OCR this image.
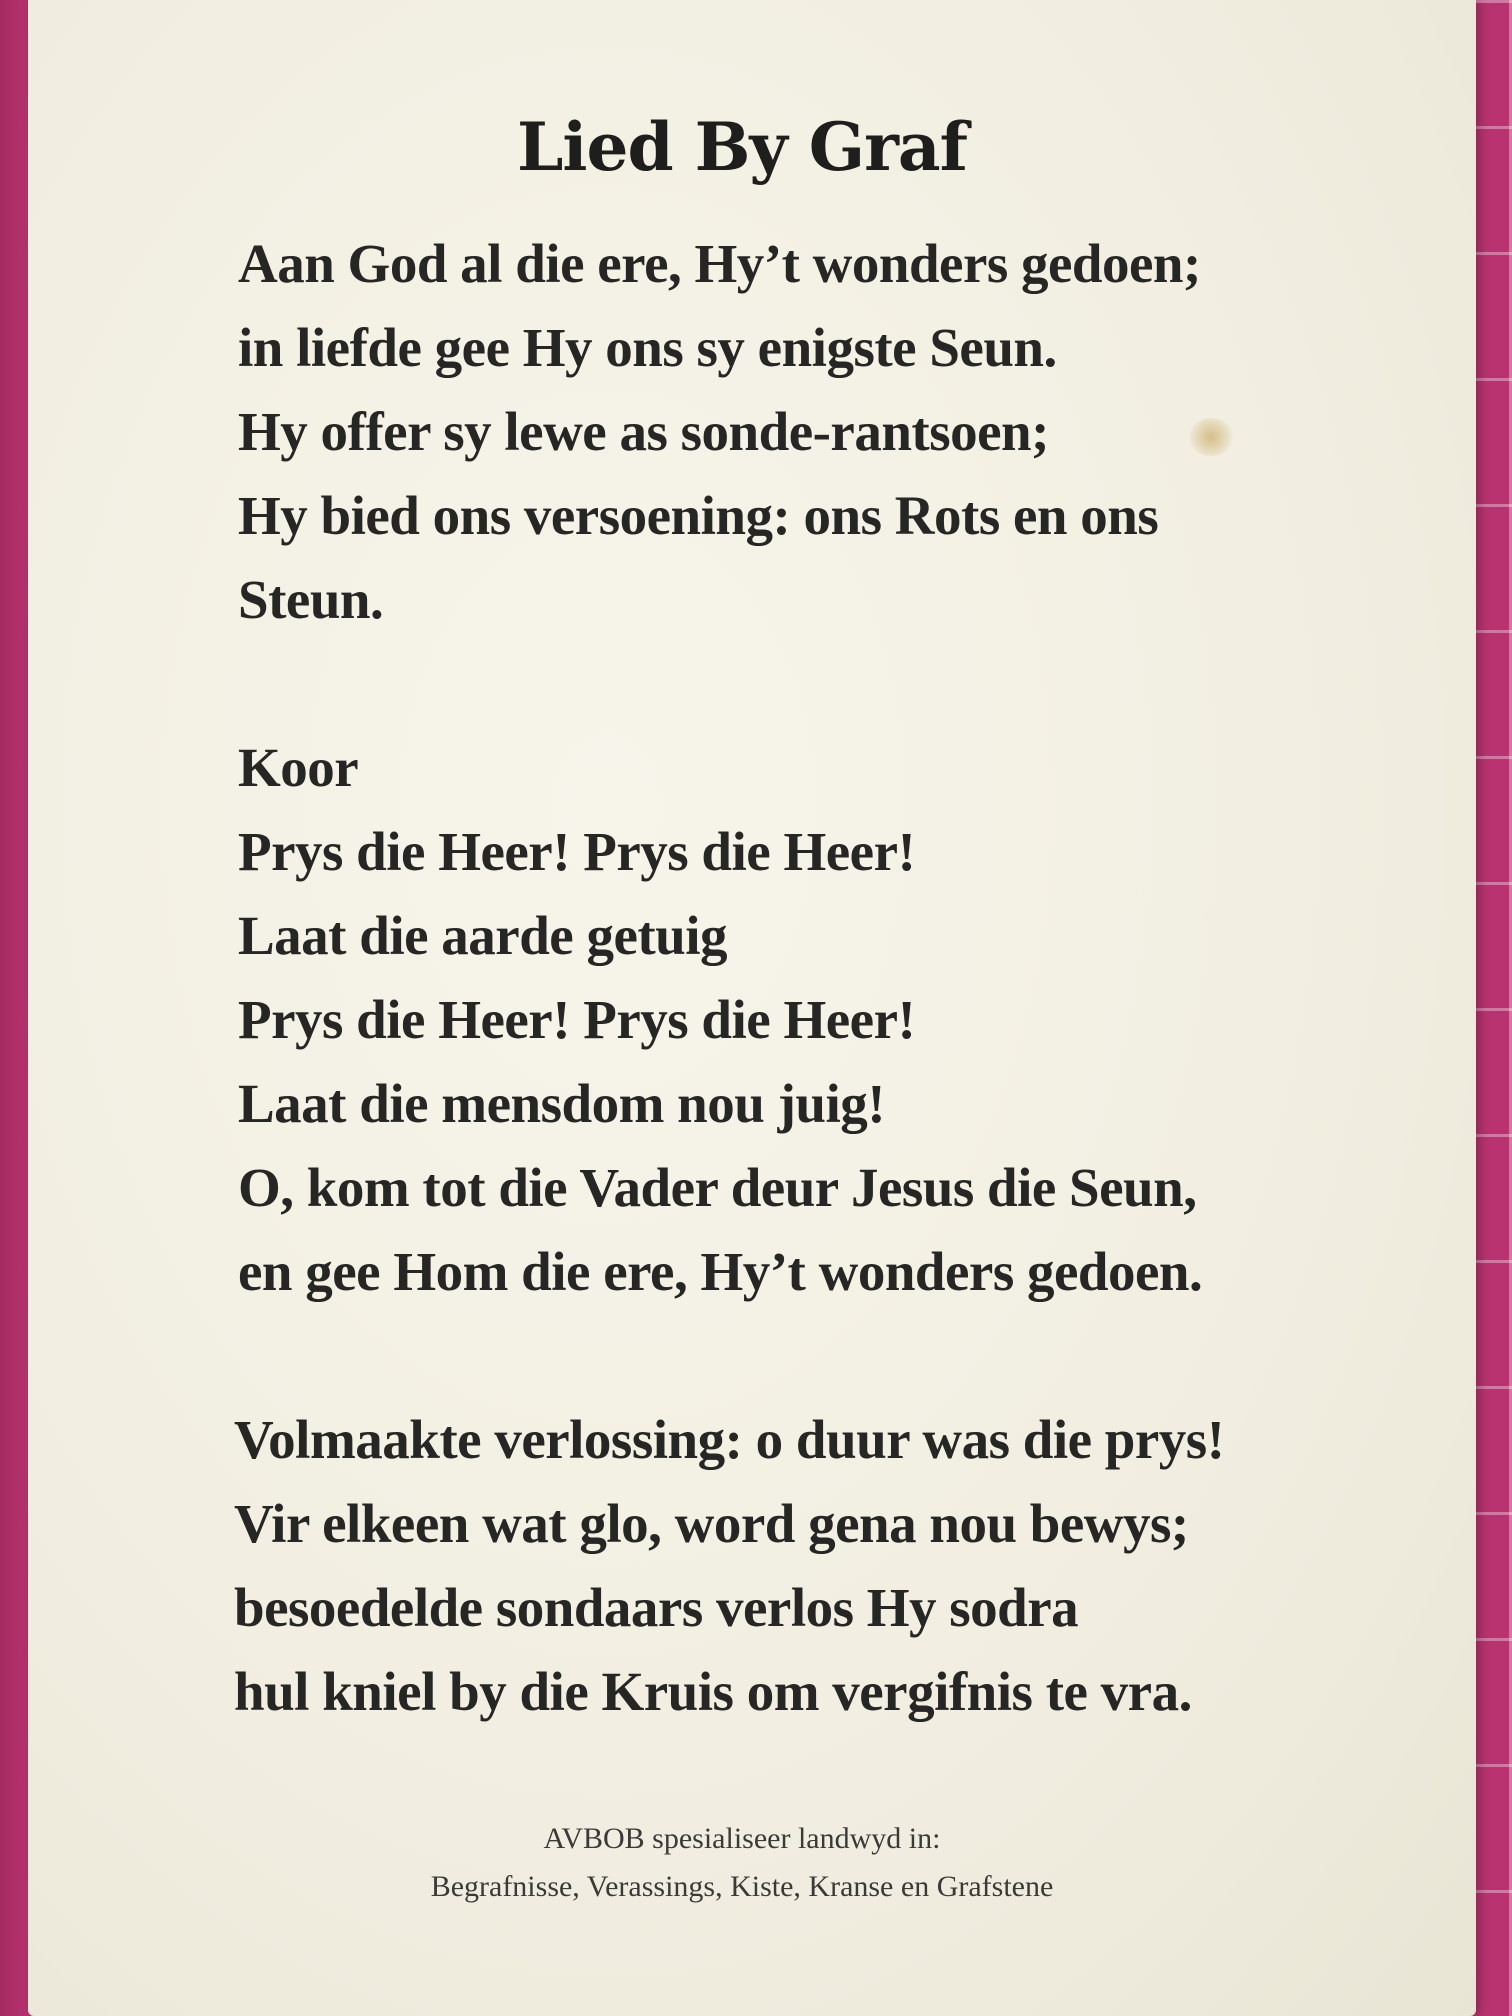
Lied By Graf

Aan God al die ere, Hy’t wonders gedoen;
in liefde gee Hy ons sy enigste Seun.
Hy offer sy lewe as sonde-rantsoen;
Hy bied ons versoening: ons Rots en ons
Steun.

Koor
Prys die Heer! Prys die Heer!
Laat die aarde getuig
Prys die Heer! Prys die Heer!
Laat die mensdom nou juig!
O, kom tot die Vader deur Jesus die Seun,
en gee Hom die ere, Hy’t wonders gedoen.

Volmaakte verlossing: o duur was die prys!
Vir elkeen wat glo, word gena nou bewys;
besoedelde sondaars verlos Hy sodra
hul kniel by die Kruis om vergifnis te vra.

AVBOB spesialiseer landwyd in:
Begrafnisse, Verassings, Kiste, Kranse en Grafstene
